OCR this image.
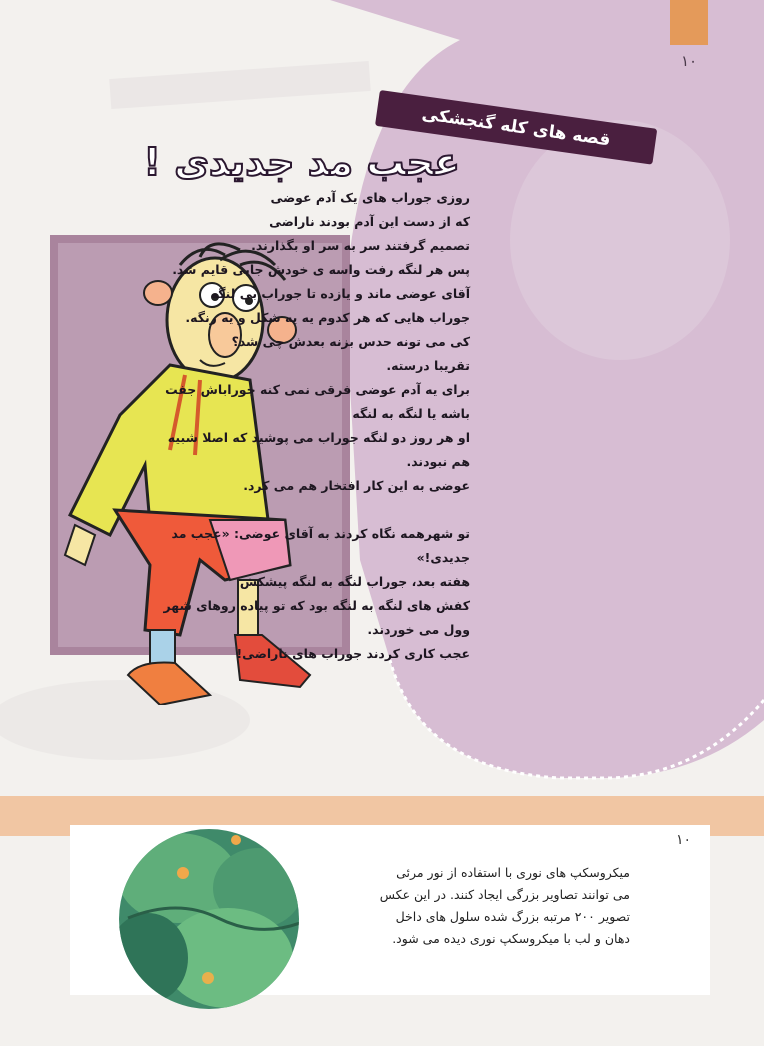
۱۰
قصه های کله گنجشکی
عجب مد جدیدی !

روزی جوراب های یک آدم عوضی

که از دست این آدم بودند ناراضی

تصمیم گرفتند سر به سر او بگذارند.

پس هر لنگه رفت واسه ی خودش جایی قایم شد.

آقای عوضی ماند و یازده تا جوراب بی لنگه

جوراب هایی که هر کدوم یه یه شکل و یه رنگه.

کی می تونه حدس بزنه بعدش چی شد؟

تقریبا درسته.

برای یه آدم عوضی فرقی نمی کنه جوراباش جفت

باشه یا لنگه به لنگه

او هر روز دو لنگه جوراب می پوشید که اصلا شبیه

هم نبودند.

عوضی به این کار افتخار هم می کرد.

تو شهرهمه نگاه کردند به آقای عوضی: «عجب مد

جدیدی!»

هفته بعد، جوراب لنگه به لنگه پیشکش

کفش های لنگه به لنگه بود که تو پیاده روهای شهر

وول می خوردند.

عجب کاری کردند جوراب های ناراضی!

۱۰

میکروسکپ های نوری با استفاده از نور مرئی

می توانند تصاویر بزرگی ایجاد کنند. در این عکس

تصویر ۲۰۰ مرتبه بزرگ شده سلول های داخل

دهان و لب با میکروسکپ نوری دیده می شود.
